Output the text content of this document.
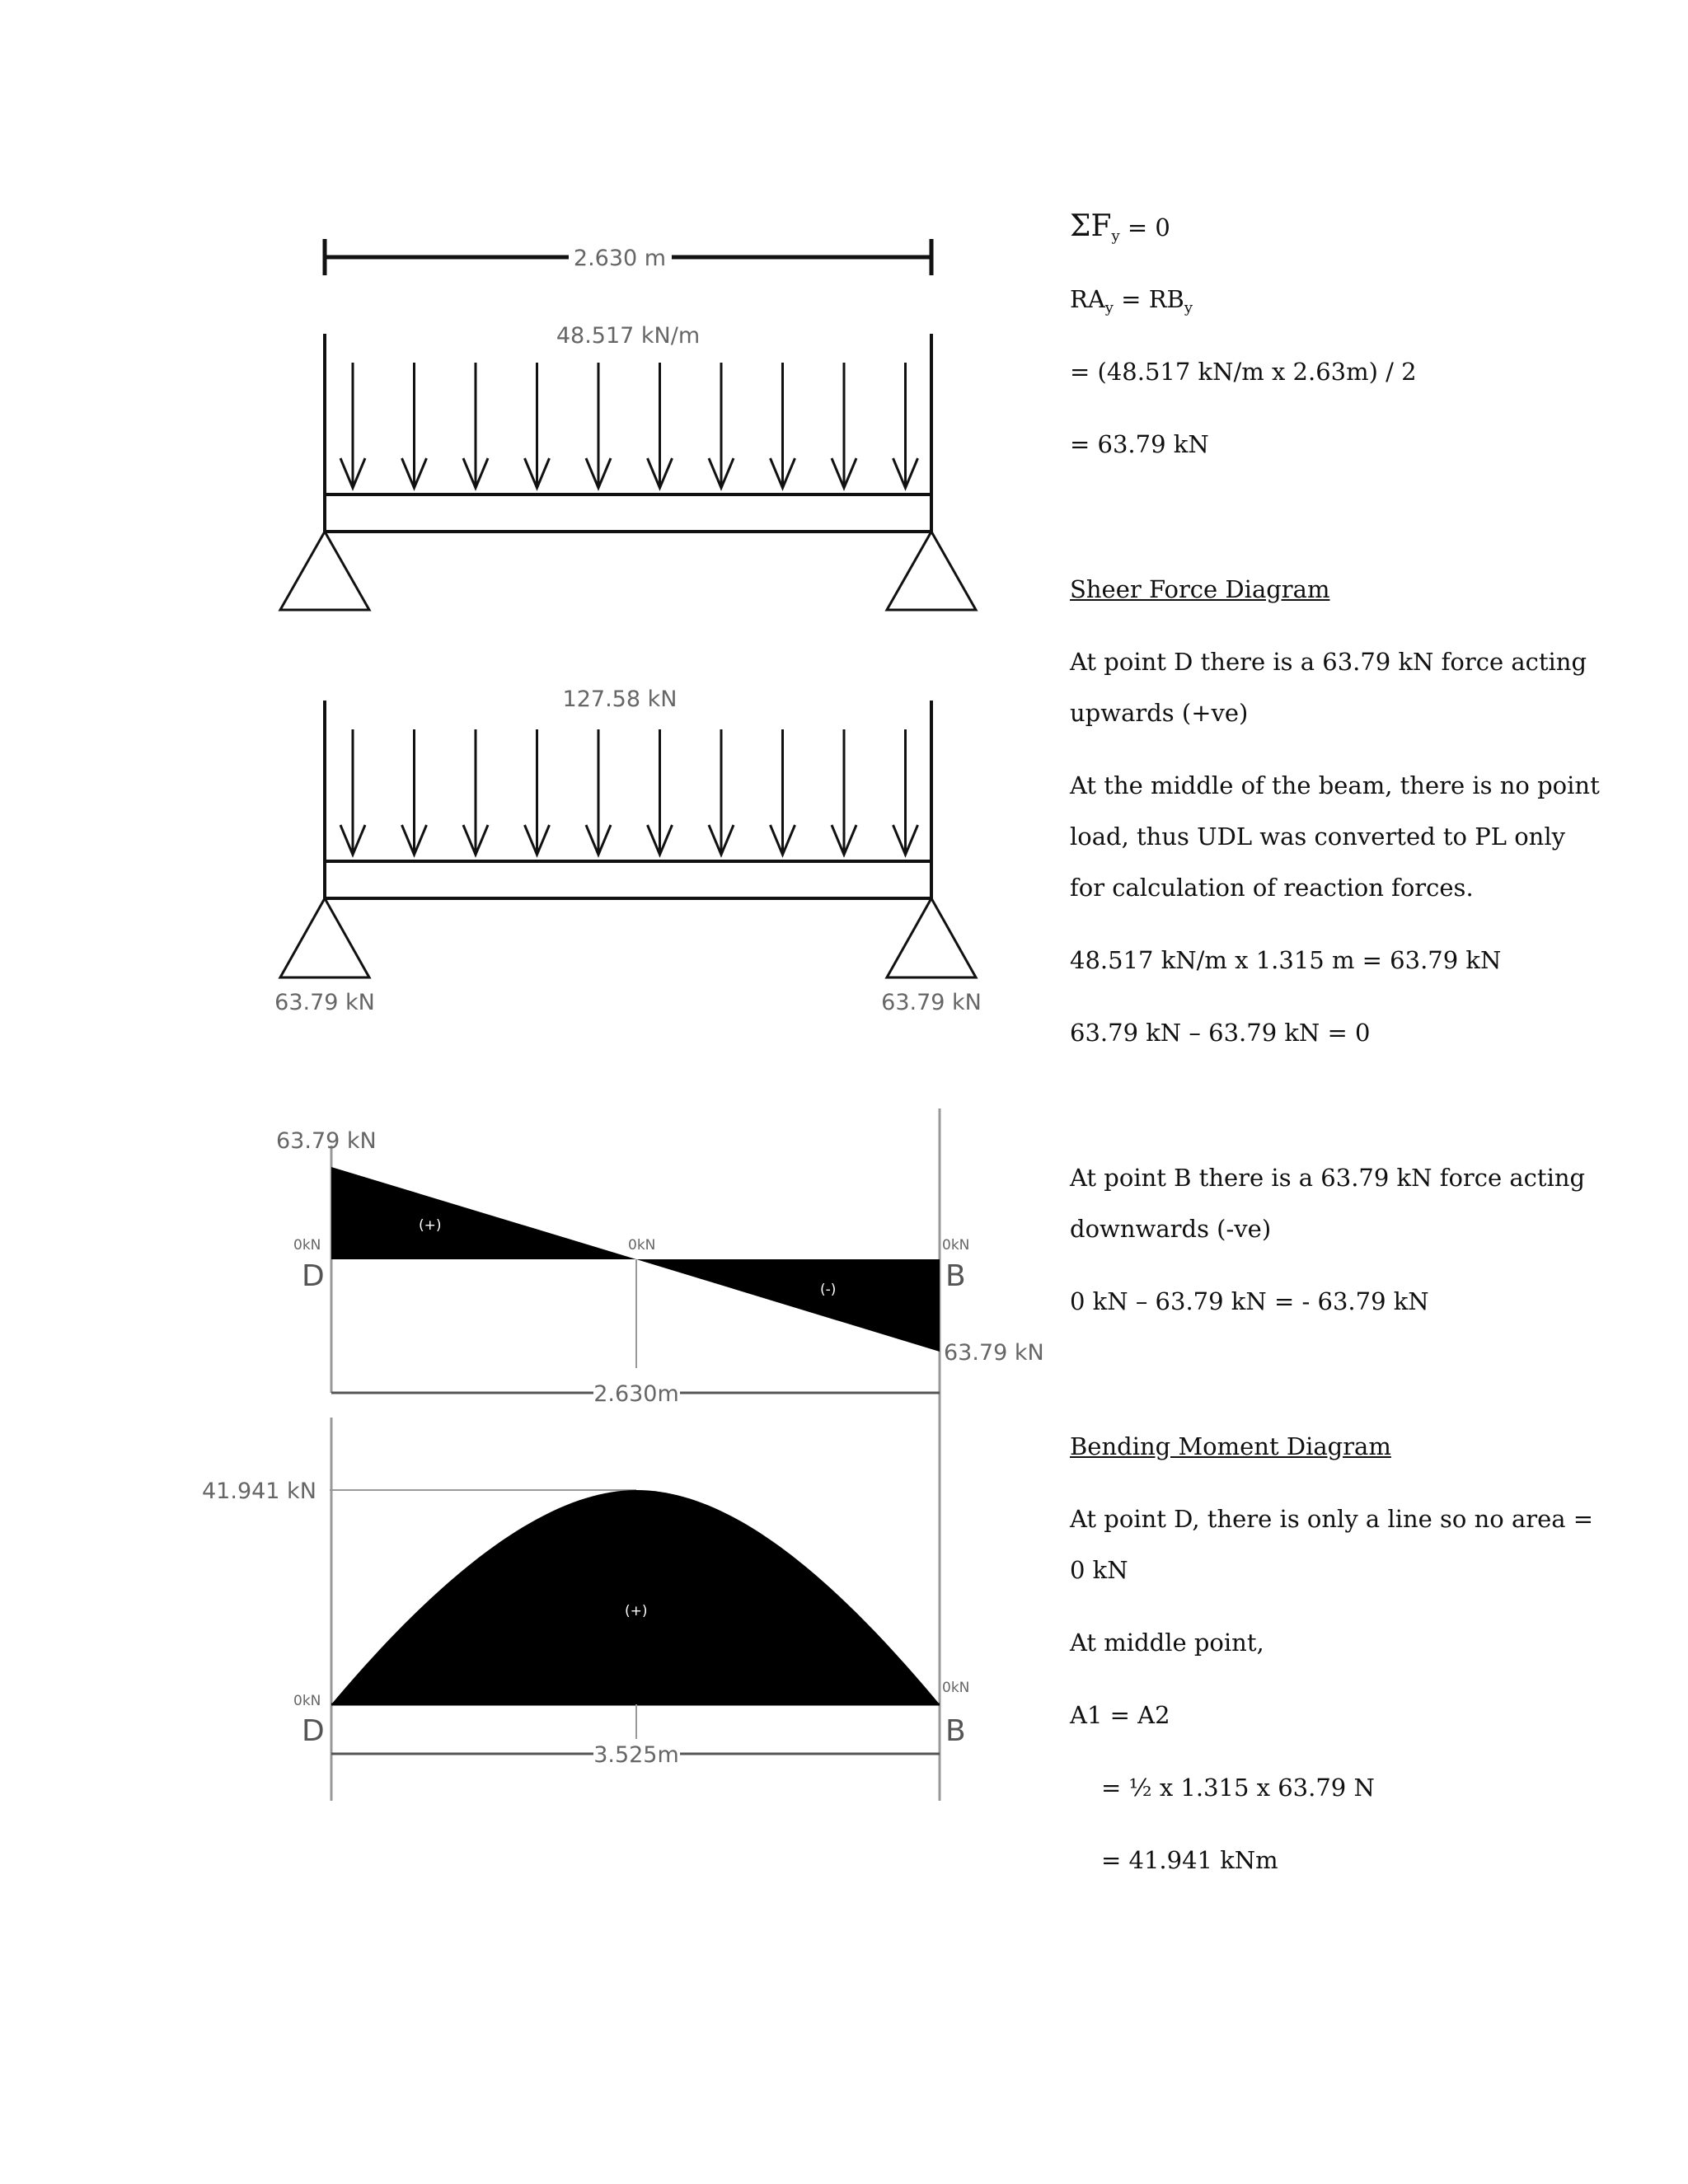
2.630 m
48.517 kN/m
127.58 kN
63.79 kN	63.79 kN
63.79 kN
0kN	0kN	0kN
(+)
(-)
D	B
63.79 kN
2.630m
41.941 kN
(+)
0kN
0kN
D	B
3.525m
$\Sigma F_y = 0$
$RA_y = RB_y$
= (48.517 kN/m x 2.63m) / 2
= 63.79 kN
Sheer Force Diagram
At point D there is a 63.79 kN force acting
upwards (+ve)
At the middle of the beam, there is no point
load, thus UDL was converted to PL only
for calculation of reaction forces.
48.517 kN/m x 1.315 m = 63.79 kN
63.79 kN – 63.79 kN = 0
At point B there is a 63.79 kN force acting
downwards (-ve)
0 kN – 63.79 kN = - 63.79 kN
Bending Moment Diagram
At point D, there is only a line so no area =
0 kN
At middle point,
A1 = A2
= ½ x 1.315 x 63.79 N
= 41.941 kNm
